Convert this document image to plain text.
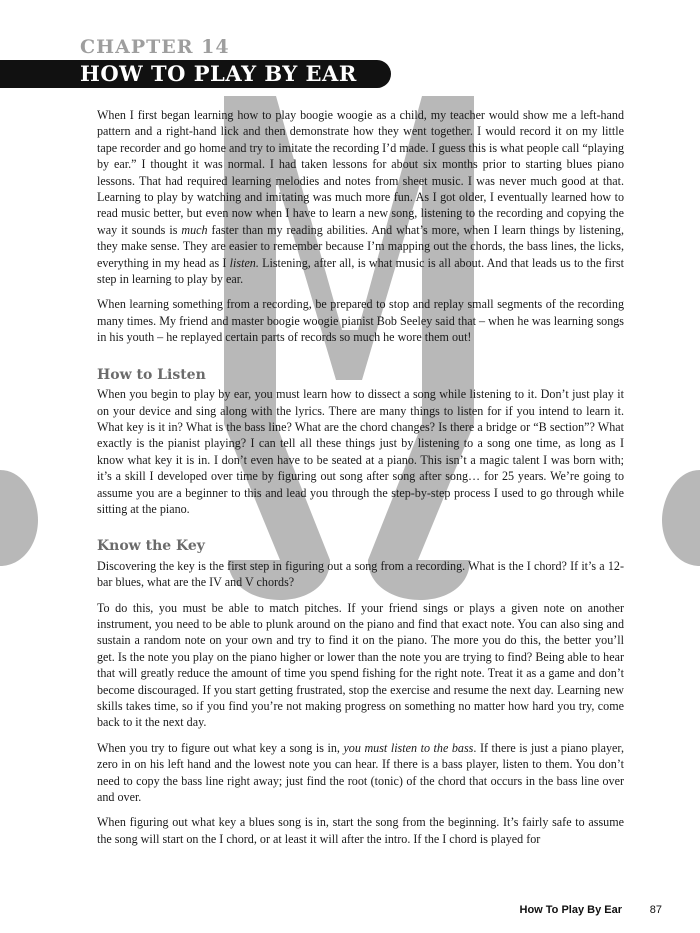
CHAPTER 14
HOW TO PLAY BY EAR

When I first began learning how to play boogie woogie as a child, my teacher would show me a left-hand pattern and a right-hand lick and then demonstrate how they went together. I would record it on my little tape recorder and go home and try to imitate the recording I’d made. I guess this is what people call “playing by ear.” I thought it was normal. I had taken lessons for about six months prior to starting blues piano lessons. That had required learning melodies and notes from sheet music. I was never much good at that. Learning to play by watching and imitating was much more fun. As I got older, I eventually learned how to read music better, but even now when I have to learn a new song, listening to the recording and copying the way it sounds is much faster than my reading abilities. And what’s more, when I learn things by listening, they make sense. They are easier to remember because I’m mapping out the chords, the bass lines, the licks, everything in my head as I listen. Listening, after all, is what music is all about. And that leads us to the first step in learning to play by ear.

When learning something from a recording, be prepared to stop and replay small segments of the recording many times. My friend and master boogie woogie pianist Bob Seeley said that – when he was learning songs in his youth – he replayed certain parts of records so much he wore them out!

How to Listen

When you begin to play by ear, you must learn how to dissect a song while listening to it. Don’t just play it on your device and sing along with the lyrics. There are many things to listen for if you intend to learn it. What key is it in? What is the bass line? What are the chord changes? Is there a bridge or “B section”? What exactly is the pianist playing? I can tell all these things just by listening to a song one time, as long as I know what key it is in. I don’t even have to be seated at a piano. This isn’t a magic talent I was born with; it’s a skill I developed over time by figuring out song after song after song… for 25 years. We’re going to assume you are a beginner to this and lead you through the step-by-step process I used to go through while sitting at the piano.

Know the Key

Discovering the key is the first step in figuring out a song from a recording. What is the I chord? If it’s a 12-bar blues, what are the IV and V chords?

To do this, you must be able to match pitches. If your friend sings or plays a given note on another instrument, you need to be able to plunk around on the piano and find that exact note. You can also sing and sustain a random note on your own and try to find it on the piano. The more you do this, the better you’ll get. Is the note you play on the piano higher or lower than the note you are trying to find? Being able to hear that will greatly reduce the amount of time you spend fishing for the right note. Treat it as a game and don’t become discouraged. If you start getting frustrated, stop the exercise and resume the next day. Learning new skills takes time, so if you find you’re not making progress on something no matter how hard you try, come back to it the next day.

When you try to figure out what key a song is in, you must listen to the bass. If there is just a piano player, zero in on his left hand and the lowest note you can hear. If there is a bass player, listen to them. You don’t need to copy the bass line right away; just find the root (tonic) of the chord that occurs in the bass line over and over.

When figuring out what key a blues song is in, start the song from the beginning. It’s fairly safe to assume the song will start on the I chord, or at least it will after the intro. If the I chord is played for

How To Play By Ear	87
